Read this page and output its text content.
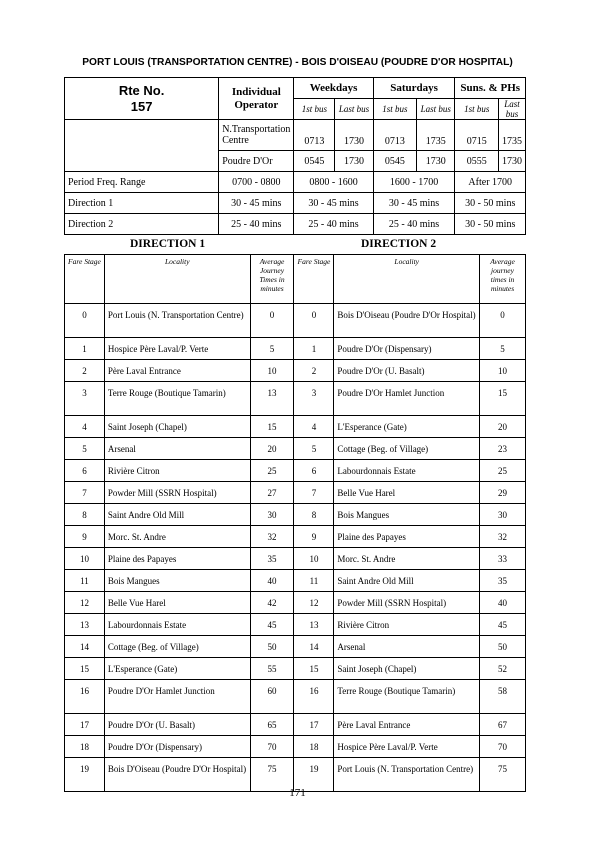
PORT LOUIS (TRANSPORTATION CENTRE) - BOIS D'OISEAU (POUDRE D'OR HOSPITAL)
Rte No.
157	Individual Operator	Weekdays		Saturdays		Suns. & PHs	
		1st bus	Last bus	1st bus	Last bus	1st bus	Last bus
	N.Transportation Centre	0713	1730	0713	1735	0715	1735
	Poudre D'Or	0545	1730	0545	1730	0555	1730
Period Freq. Range	0700 - 0800	0800 - 1600		1600 - 1700		After 1700	
Direction 1	30 - 45 mins	30 - 45 mins		30 - 45 mins		30 - 50 mins	
Direction 2	25 - 40 mins	25 - 40 mins		25 - 40 mins		30 - 50 mins	
DIRECTION 1	DIRECTION 2
Fare Stage	Locality	Average Journey Times in minutes	Fare Stage	Locality	Average journey times in minutes
0	Port Louis (N. Transportation Centre)	0	0	Bois D'Oiseau (Poudre D'Or Hospital)	0
1	Hospice Père Laval/P. Verte	5	1	Poudre D'Or (Dispensary)	5
2	Père Laval Entrance	10	2	Poudre D'Or (U. Basalt)	10
3	Terre Rouge (Boutique Tamarin)	13	3	Poudre D'Or Hamlet Junction	15
4	Saint Joseph (Chapel)	15	4	L'Esperance (Gate)	20
5	Arsenal	20	5	Cottage (Beg. of Village)	23
6	Rivière Citron	25	6	Labourdonnais Estate	25
7	Powder Mill (SSRN Hospital)	27	7	Belle Vue Harel	29
8	Saint Andre Old Mill	30	8	Bois Mangues	30
9	Morc. St. Andre	32	9	Plaine des Papayes	32
10	Plaine des Papayes	35	10	Morc. St. Andre	33
11	Bois Mangues	40	11	Saint Andre Old Mill	35
12	Belle Vue Harel	42	12	Powder Mill (SSRN Hospital)	40
13	Labourdonnais Estate	45	13	Rivière Citron	45
14	Cottage (Beg. of Village)	50	14	Arsenal	50
15	L'Esperance (Gate)	55	15	Saint Joseph (Chapel)	52
16	Poudre D'Or Hamlet Junction	60	16	Terre Rouge (Boutique Tamarin)	58
17	Poudre D'Or (U. Basalt)	65	17	Père Laval Entrance	67
18	Poudre D'Or (Dispensary)	70	18	Hospice Père Laval/P. Verte	70
19	Bois D'Oiseau (Poudre D'Or Hospital)	75	19	Port Louis (N. Transportation Centre)	75
171
